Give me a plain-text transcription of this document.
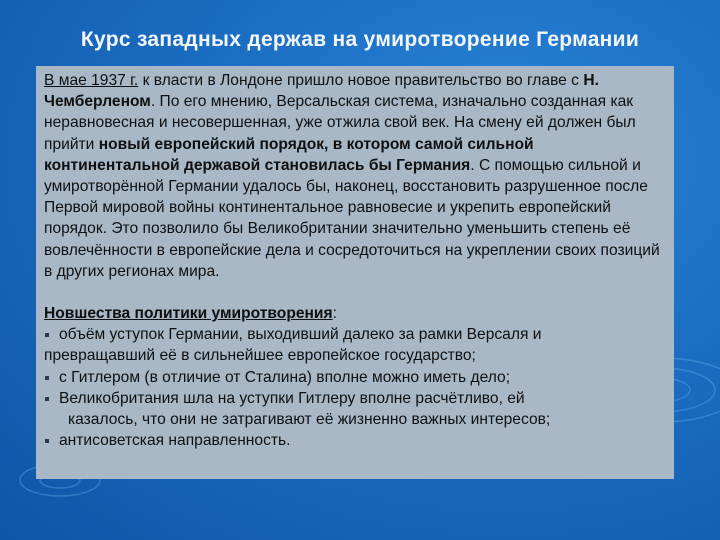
Курс западных держав на умиротворение Германии

В мае 1937 г. к власти в Лондоне пришло новое правительство во главе с Н. Чемберленом. По его мнению, Версальская система, изначально созданная как неравновесная и несовершенная, уже отжила свой век. На смену ей должен был прийти новый европейский порядок, в котором самой сильной континентальной державой становилась бы Германия. С помощью сильной и умиротворённой Германии удалось бы, наконец, восстановить разрушенное после Первой мировой войны континентальное равновесие и укрепить европейский порядок. Это позволило бы Великобритании значительно уменьшить степень её вовлечённости в европейские дела и сосредоточиться на укреплении своих позиций в других регионах мира.

Новшества политики умиротворения:

объём уступок Германии, выходивший далеко за рамки Версаля и

превращавший её в сильнейшее европейское государство;

с Гитлером (в отличие от Сталина) вполне можно иметь дело;
Великобритания шла на уступки Гитлеру вполне расчётливо, ей

казалось, что они не затрагивают её жизненно важных интересов;

антисоветская направленность.
